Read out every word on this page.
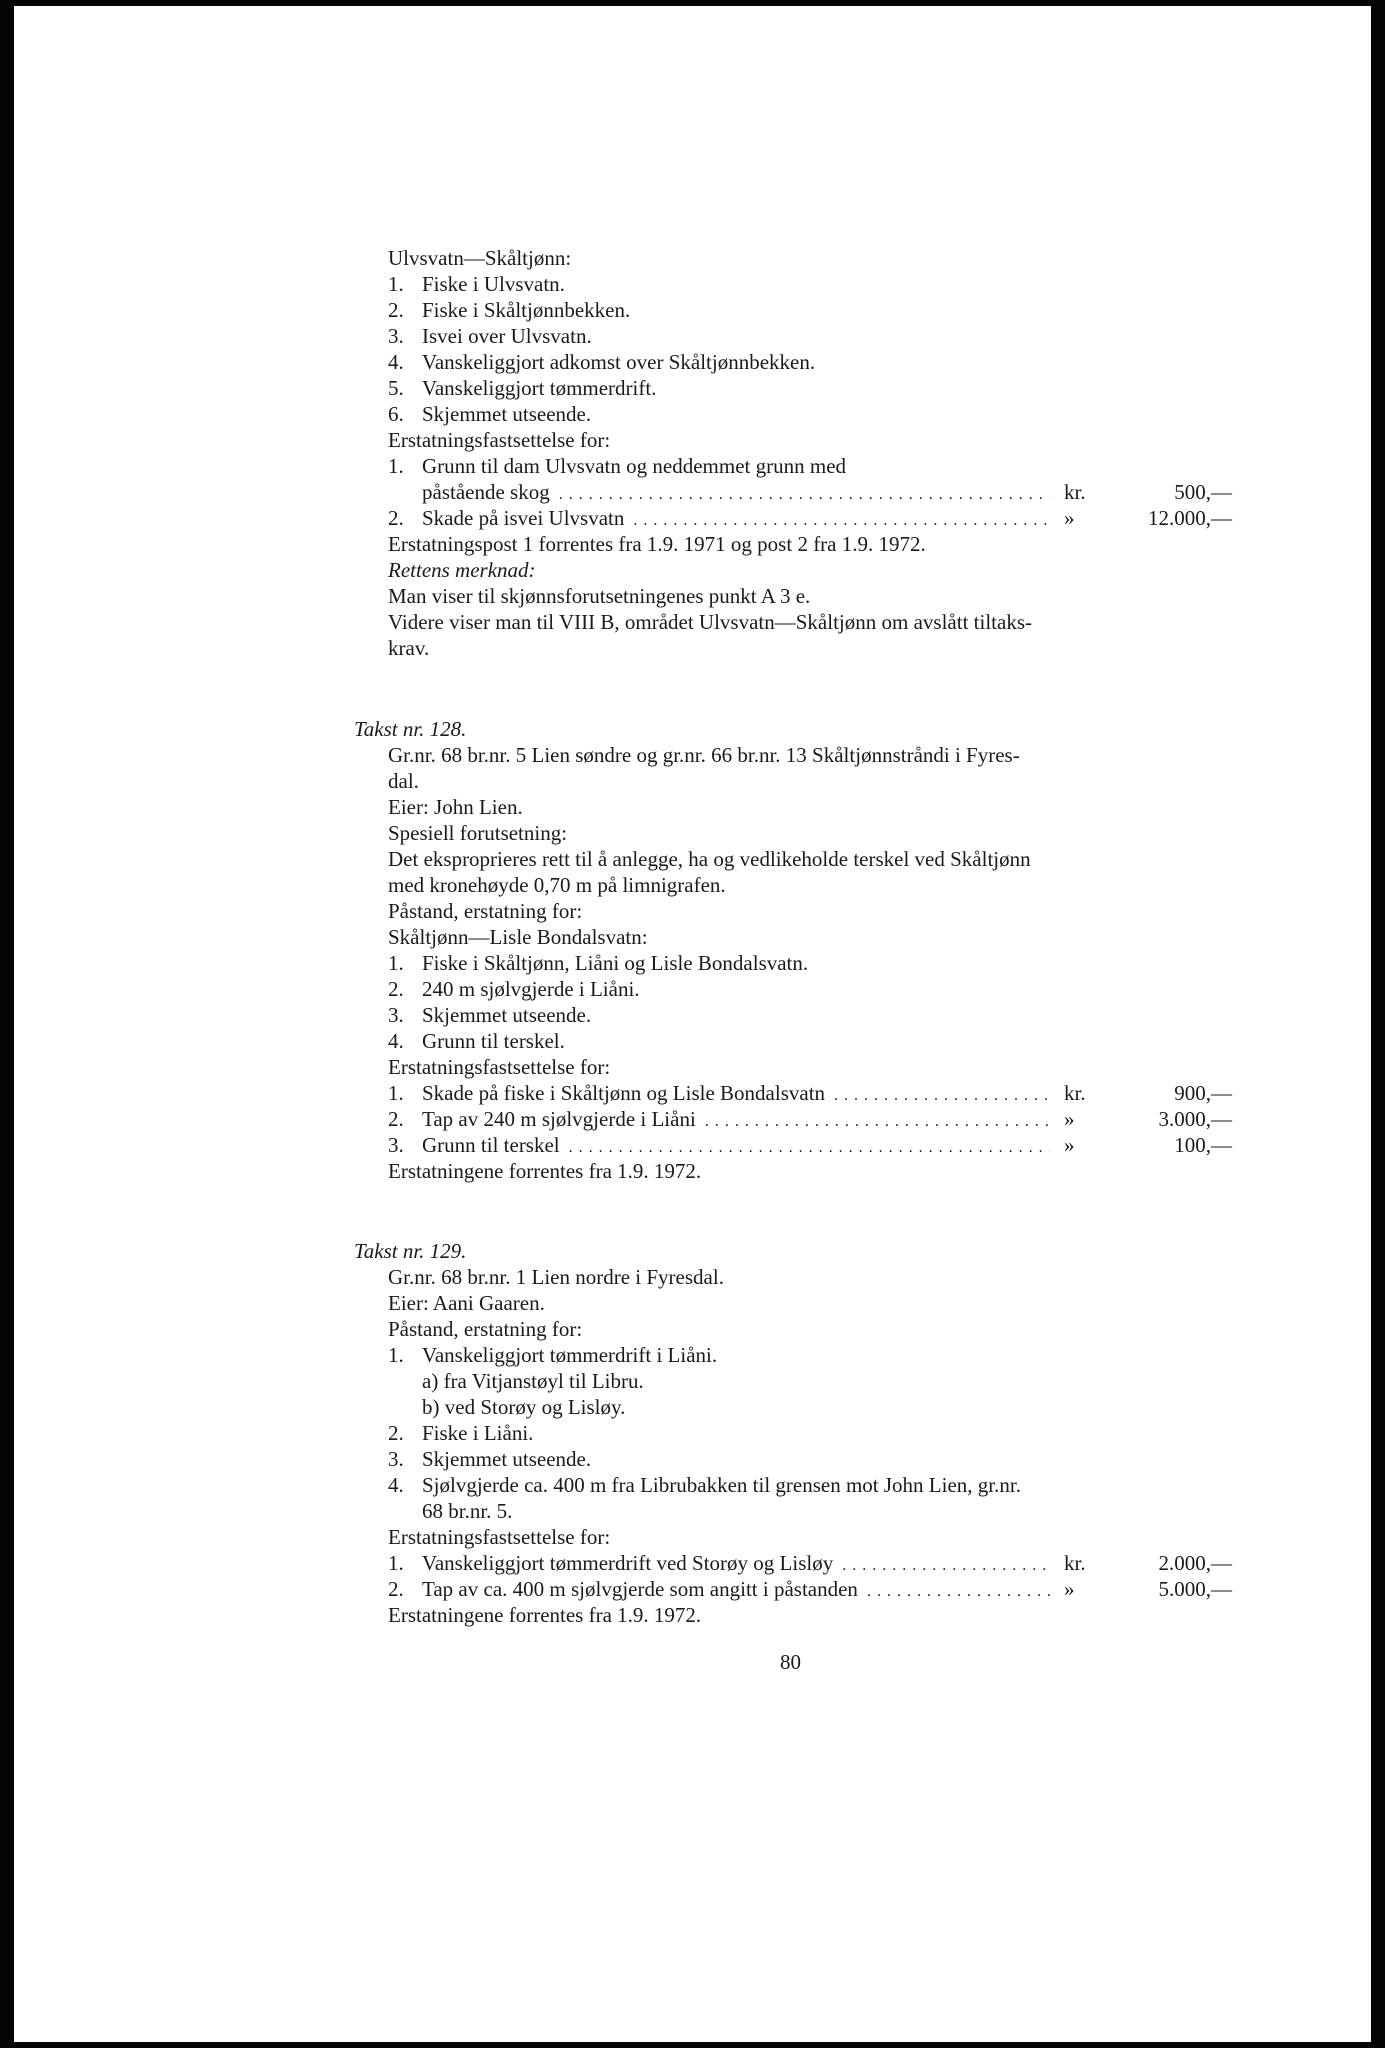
Ulvsvatn—Skåltjønn:

1. Fiske i Ulvsvatn.

2. Fiske i Skåltjønnbekken.

3. Isvei over Ulvsvatn.

4. Vanskeliggjort adkomst over Skåltjønnbekken.

5. Vanskeliggjort tømmerdrift.

6. Skjemmet utseende.

Erstatningsfastsettelse for:

1. Grunn til dam Ulvsvatn og neddemmet grunn med

påstående skog . . .	kr.	500,—
2. Skade på isvei Ulvsvatn . . .	»	12.000,—

Erstatningspost 1 forrentes fra 1.9. 1971 og post 2 fra 1.9. 1972.

Rettens merknad:

Man viser til skjønnsforutsetningenes punkt A 3 e.

Videre viser man til VIII B, området Ulvsvatn—Skåltjønn om avslått tiltaks-

krav.

Takst nr. 128.

Gr.nr. 68 br.nr. 5 Lien søndre og gr.nr. 66 br.nr. 13 Skåltjønnstråndi i Fyres-

dal.

Eier: John Lien.

Spesiell forutsetning:

Det eksproprieres rett til å anlegge, ha og vedlikeholde terskel ved Skåltjønn

med kronehøyde 0,70 m på limnigrafen.

Påstand, erstatning for:

Skåltjønn—Lisle Bondalsvatn:

1. Fiske i Skåltjønn, Liåni og Lisle Bondalsvatn.

2. 240 m sjølvgjerde i Liåni.

3. Skjemmet utseende.

4. Grunn til terskel.

Erstatningsfastsettelse for:

1. Skade på fiske i Skåltjønn og Lisle Bondalsvatn . . .	kr.	900,—
2. Tap av 240 m sjølvgjerde i Liåni . . .	»	3.000,—
3. Grunn til terskel . . .	»	100,—

Erstatningene forrentes fra 1.9. 1972.

Takst nr. 129.

Gr.nr. 68 br.nr. 1 Lien nordre i Fyresdal.

Eier: Aani Gaaren.

Påstand, erstatning for:

1. Vanskeliggjort tømmerdrift i Liåni.

a) fra Vitjanstøyl til Libru.

b) ved Storøy og Lisløy.

2. Fiske i Liåni.

3. Skjemmet utseende.

4. Sjølvgjerde ca. 400 m fra Librubakken til grensen mot John Lien, gr.nr.

68 br.nr. 5.

Erstatningsfastsettelse for:

1. Vanskeliggjort tømmerdrift ved Storøy og Lisløy . . .	kr.	2.000,—
2. Tap av ca. 400 m sjølvgjerde som angitt i påstanden . . .	»	5.000,—

Erstatningene forrentes fra 1.9. 1972.

80
